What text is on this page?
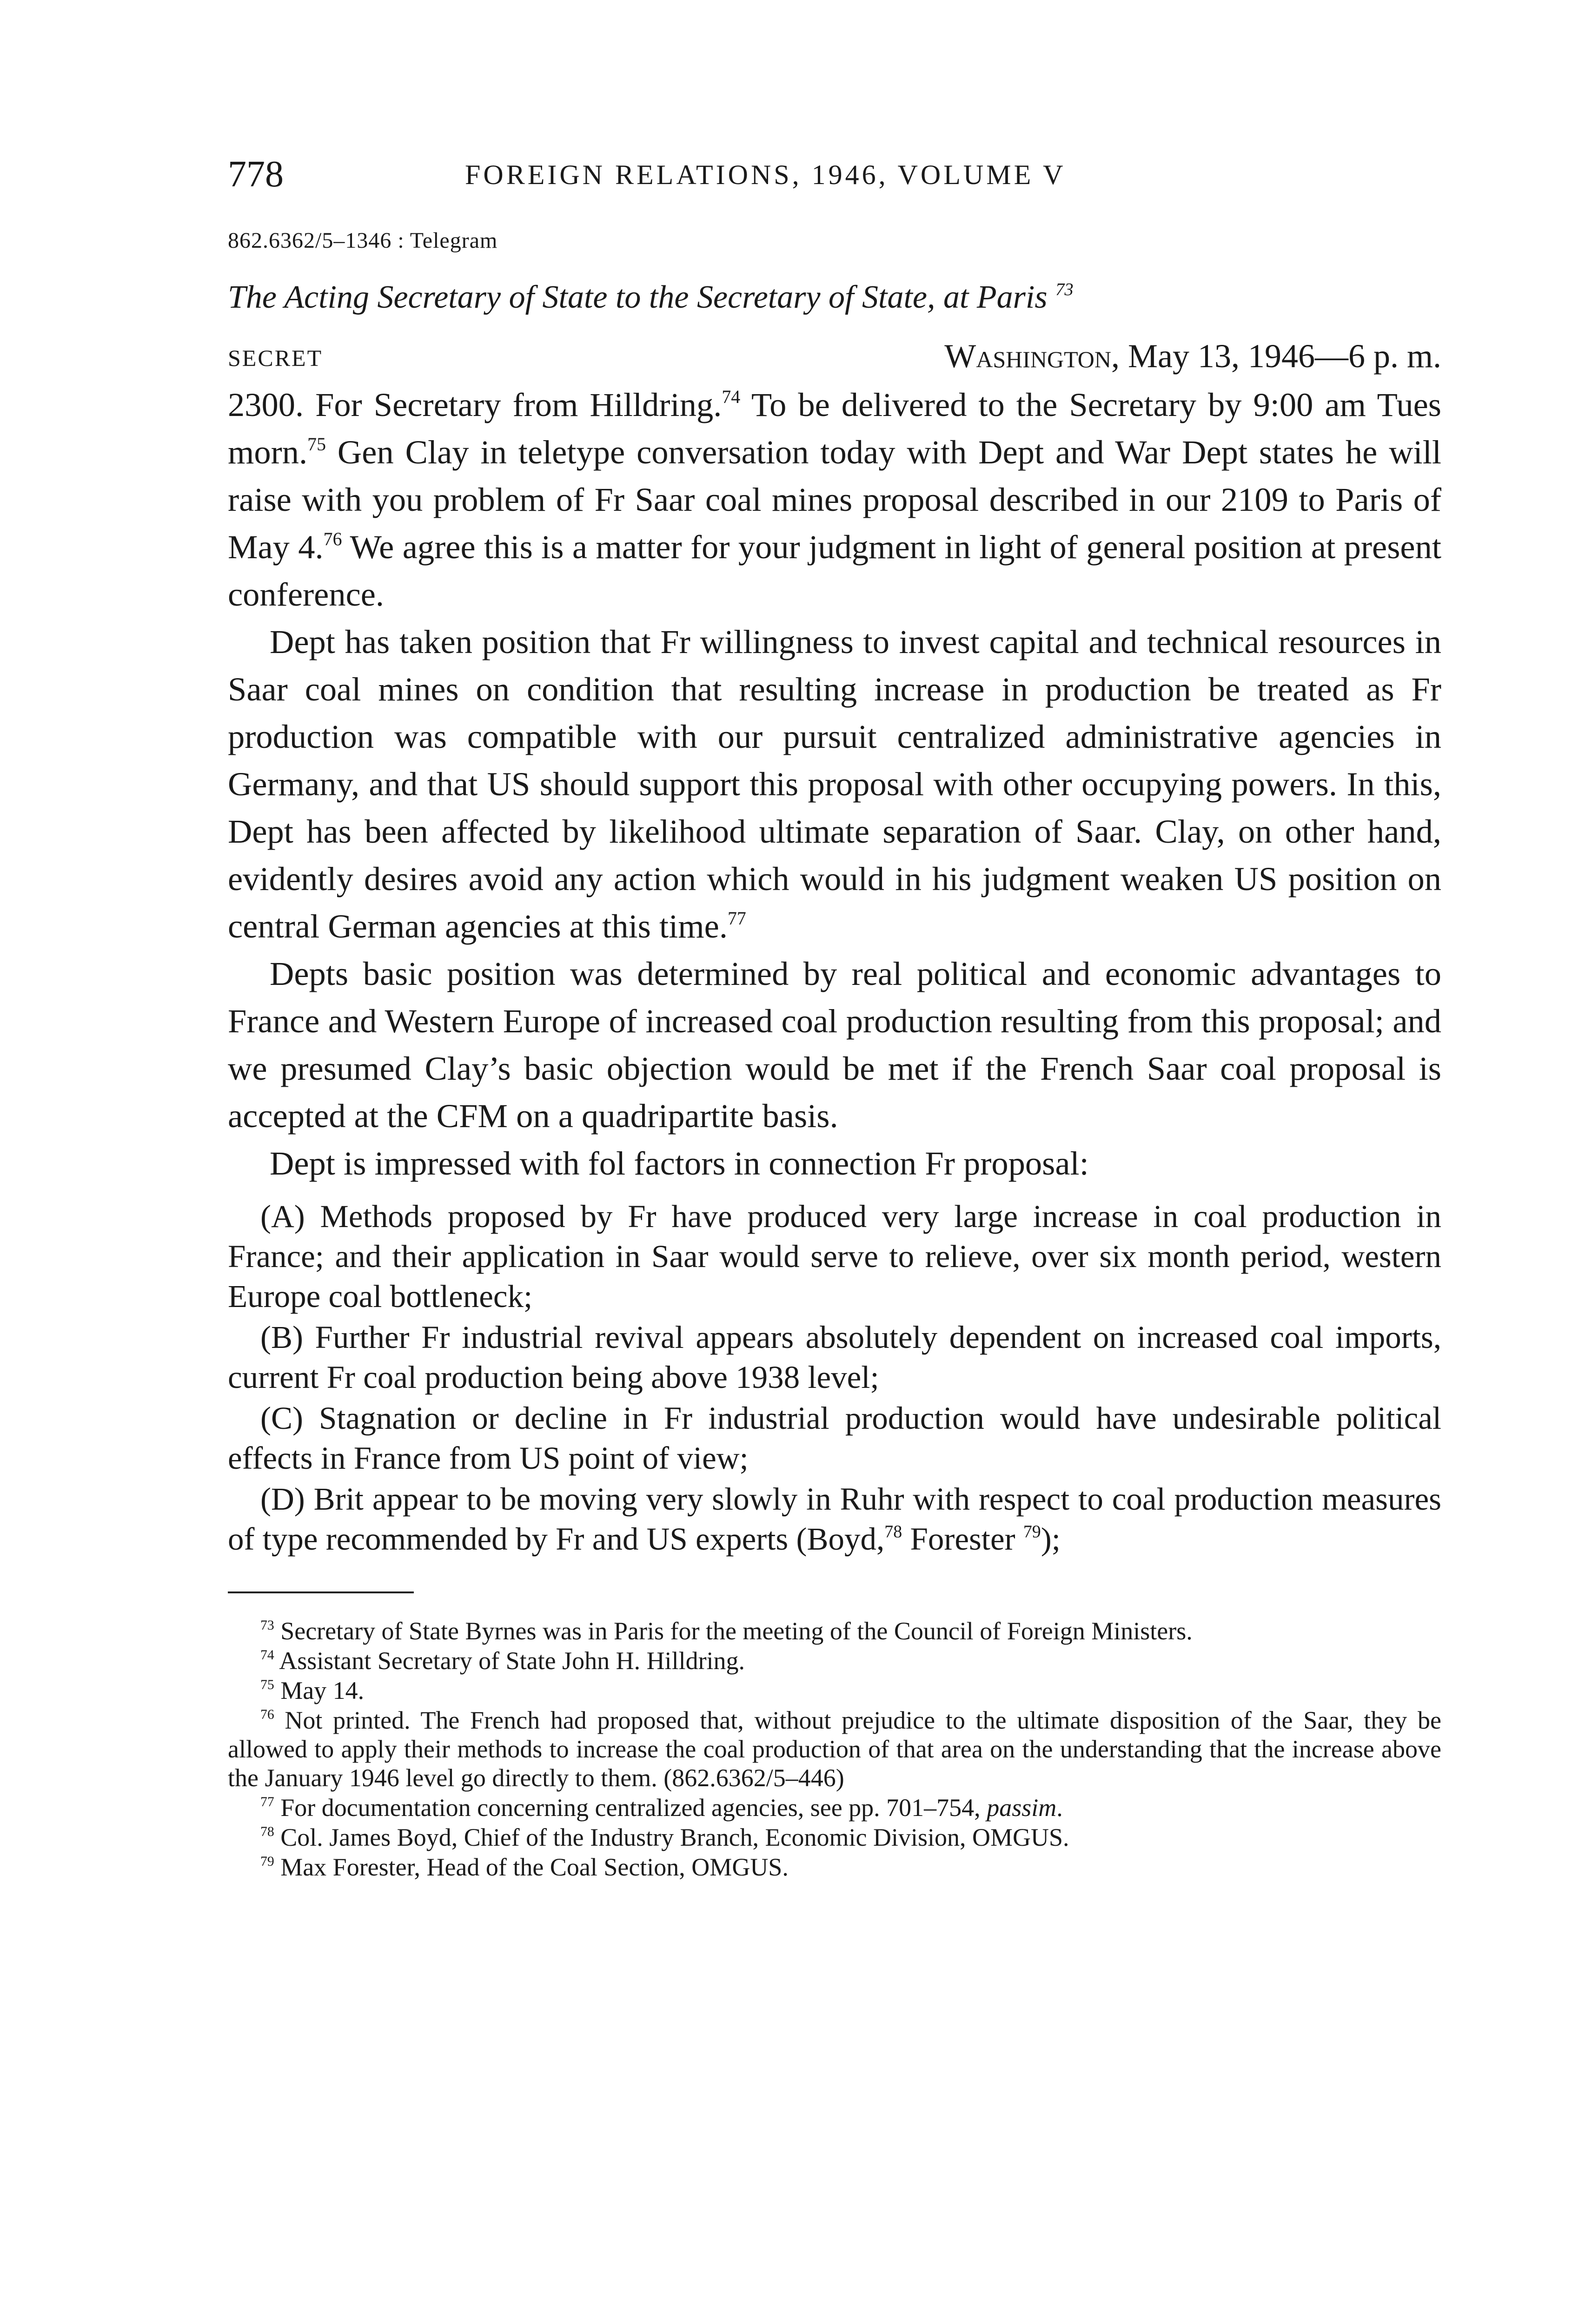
778	FOREIGN RELATIONS, 1946, VOLUME V
862.6362/5–1346 : Telegram
The Acting Secretary of State to the Secretary of State, at Paris $^{73}$
SECRET	Washington, May 13, 1946—6 p. m.

2300. For Secretary from Hilldring.$^{74}$ To be delivered to the Secretary by 9:00 am Tues morn.$^{75}$ Gen Clay in teletype conversation today with Dept and War Dept states he will raise with you problem of Fr Saar coal mines proposal described in our 2109 to Paris of May 4.76 We agree this is a matter for your judgment in light of general position at present conference.

Dept has taken position that Fr willingness to invest capital and technical resources in Saar coal mines on condition that resulting increase in production be treated as Fr production was compatible with our pursuit centralized administrative agencies in Germany, and that US should support this proposal with other occupying powers. In this, Dept has been affected by likelihood ultimate separation of Saar. Clay, on other hand, evidently desires avoid any action which would in his judgment weaken US position on central German agencies at this time.$^{77}$

Depts basic position was determined by real political and economic advantages to France and Western Europe of increased coal production resulting from this proposal; and we presumed Clay’s basic objection would be met if the French Saar coal proposal is accepted at the CFM on a quadripartite basis.

Dept is impressed with fol factors in connection Fr proposal:

(A) Methods proposed by Fr have produced very large increase in coal production in France; and their application in Saar would serve to relieve, over six month period, western Europe coal bottleneck;

(B) Further Fr industrial revival appears absolutely dependent on increased coal imports, current Fr coal production being above 1938 level;

(C) Stagnation or decline in Fr industrial production would have undesirable political effects in France from US point of view;

(D) Brit appear to be moving very slowly in Ruhr with respect to coal production measures of type recommended by Fr and US experts (Boyd,$^{78}$ Forester $^{79}$);

$^{73}$ Secretary of State Byrnes was in Paris for the meeting of the Council of Foreign Ministers.

$^{74}$ Assistant Secretary of State John H. Hilldring.

$^{75}$ May 14.

$^{76}$ Not printed. The French had proposed that, without prejudice to the ultimate disposition of the Saar, they be allowed to apply their methods to increase the coal production of that area on the understanding that the increase above the January 1946 level go directly to them. (862.6362/5–446)

$^{77}$ For documentation concerning centralized agencies, see pp. 701–754, passim.

$^{78}$ Col. James Boyd, Chief of the Industry Branch, Economic Division, OMGUS.

$^{79}$ Max Forester, Head of the Coal Section, OMGUS.
